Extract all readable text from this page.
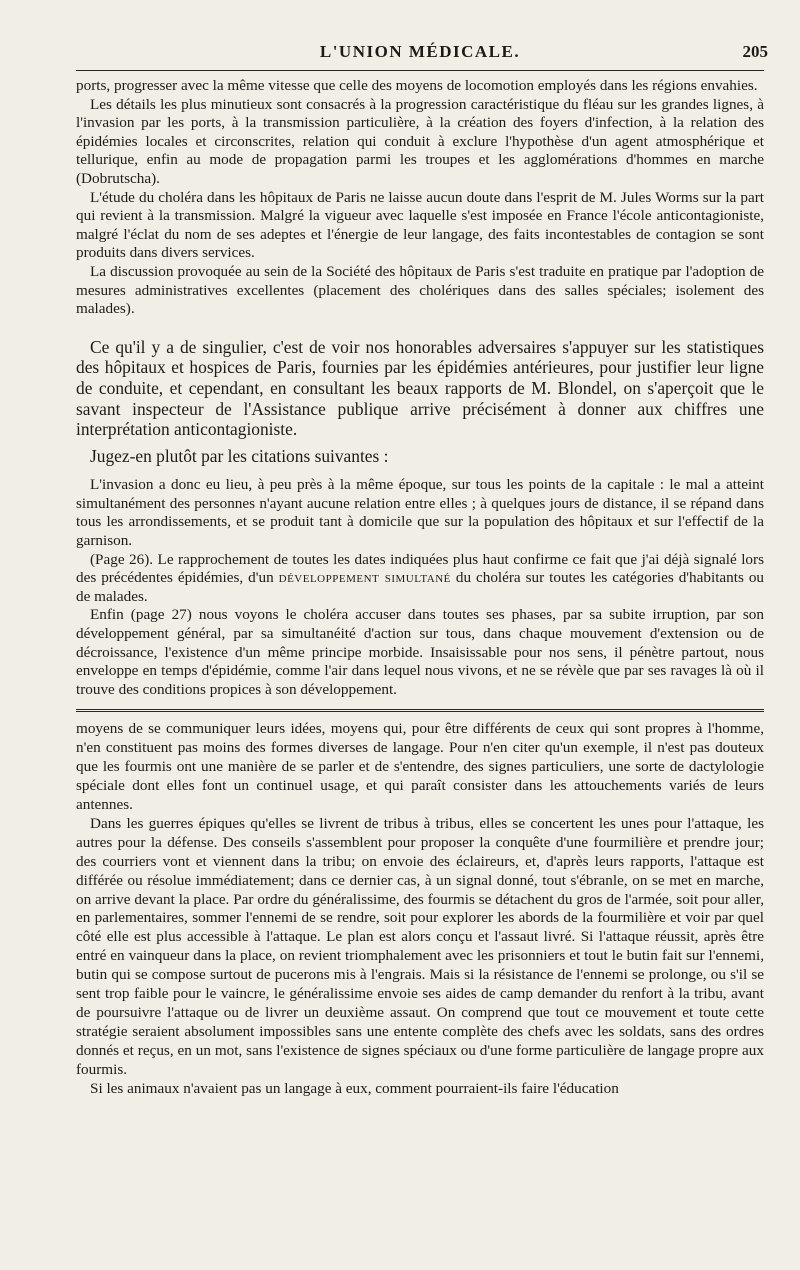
L'UNION MÉDICALE.	205

ports, progresser avec la même vitesse que celle des moyens de locomotion employés dans les régions envahies.

Les détails les plus minutieux sont consacrés à la progression caractéristique du fléau sur les grandes lignes, à l'invasion par les ports, à la transmission particulière, à la création des foyers d'infection, à la relation des épidémies locales et circonscrites, relation qui conduit à exclure l'hypothèse d'un agent atmosphérique et tellurique, enfin au mode de propagation parmi les troupes et les agglomérations d'hommes en marche (Dobrutscha).

L'étude du choléra dans les hôpitaux de Paris ne laisse aucun doute dans l'esprit de M. Jules Worms sur la part qui revient à la transmission. Malgré la vigueur avec laquelle s'est imposée en France l'école anticontagioniste, malgré l'éclat du nom de ses adeptes et l'énergie de leur langage, des faits incontestables de contagion se sont produits dans divers services.

La discussion provoquée au sein de la Société des hôpitaux de Paris s'est traduite en pratique par l'adoption de mesures administratives excellentes (placement des cholériques dans des salles spéciales; isolement des malades).

Ce qu'il y a de singulier, c'est de voir nos honorables adversaires s'appuyer sur les statistiques des hôpitaux et hospices de Paris, fournies par les épidémies antérieures, pour justifier leur ligne de conduite, et cependant, en consultant les beaux rapports de M. Blondel, on s'aperçoit que le savant inspecteur de l'Assistance publique arrive précisément à donner aux chiffres une interprétation anticontagioniste.

Jugez-en plutôt par les citations suivantes :

L'invasion a donc eu lieu, à peu près à la même époque, sur tous les points de la capitale : le mal a atteint simultanément des personnes n'ayant aucune relation entre elles ; à quelques jours de distance, il se répand dans tous les arrondissements, et se produit tant à domicile que sur la population des hôpitaux et sur l'effectif de la garnison.

(Page 26). Le rapprochement de toutes les dates indiquées plus haut confirme ce fait que j'ai déjà signalé lors des précédentes épidémies, d'un développement simultané du choléra sur toutes les catégories d'habitants ou de malades.

Enfin (page 27) nous voyons le choléra accuser dans toutes ses phases, par sa subite irruption, par son développement général, par sa simultanéité d'action sur tous, dans chaque mouvement d'extension ou de décroissance, l'existence d'un même principe morbide. Insaisissable pour nos sens, il pénètre partout, nous enveloppe en temps d'épidémie, comme l'air dans lequel nous vivons, et ne se révèle que par ses ravages là où il trouve des conditions propices à son développement.

moyens de se communiquer leurs idées, moyens qui, pour être différents de ceux qui sont propres à l'homme, n'en constituent pas moins des formes diverses de langage. Pour n'en citer qu'un exemple, il n'est pas douteux que les fourmis ont une manière de se parler et de s'entendre, des signes particuliers, une sorte de dactylologie spéciale dont elles font un continuel usage, et qui paraît consister dans les attouchements variés de leurs antennes.

Dans les guerres épiques qu'elles se livrent de tribus à tribus, elles se concertent les unes pour l'attaque, les autres pour la défense. Des conseils s'assemblent pour proposer la conquête d'une fourmilière et prendre jour; des courriers vont et viennent dans la tribu; on envoie des éclaireurs, et, d'après leurs rapports, l'attaque est différée ou résolue immédiatement; dans ce dernier cas, à un signal donné, tout s'ébranle, on se met en marche, on arrive devant la place. Par ordre du généralissime, des fourmis se détachent du gros de l'armée, soit pour aller, en parlementaires, sommer l'ennemi de se rendre, soit pour explorer les abords de la fourmilière et voir par quel côté elle est plus accessible à l'attaque. Le plan est alors conçu et l'assaut livré. Si l'attaque réussit, après être entré en vainqueur dans la place, on revient triomphalement avec les prisonniers et tout le butin fait sur l'ennemi, butin qui se compose surtout de pucerons mis à l'engrais. Mais si la résistance de l'ennemi se prolonge, ou s'il se sent trop faible pour le vaincre, le généralissime envoie ses aides de camp demander du renfort à la tribu, avant de poursuivre l'attaque ou de livrer un deuxième assaut. On comprend que tout ce mouvement et toute cette stratégie seraient absolument impossibles sans une entente complète des chefs avec les soldats, sans des ordres donnés et reçus, en un mot, sans l'existence de signes spéciaux ou d'une forme particulière de langage propre aux fourmis.

Si les animaux n'avaient pas un langage à eux, comment pourraient-ils faire l'éducation
